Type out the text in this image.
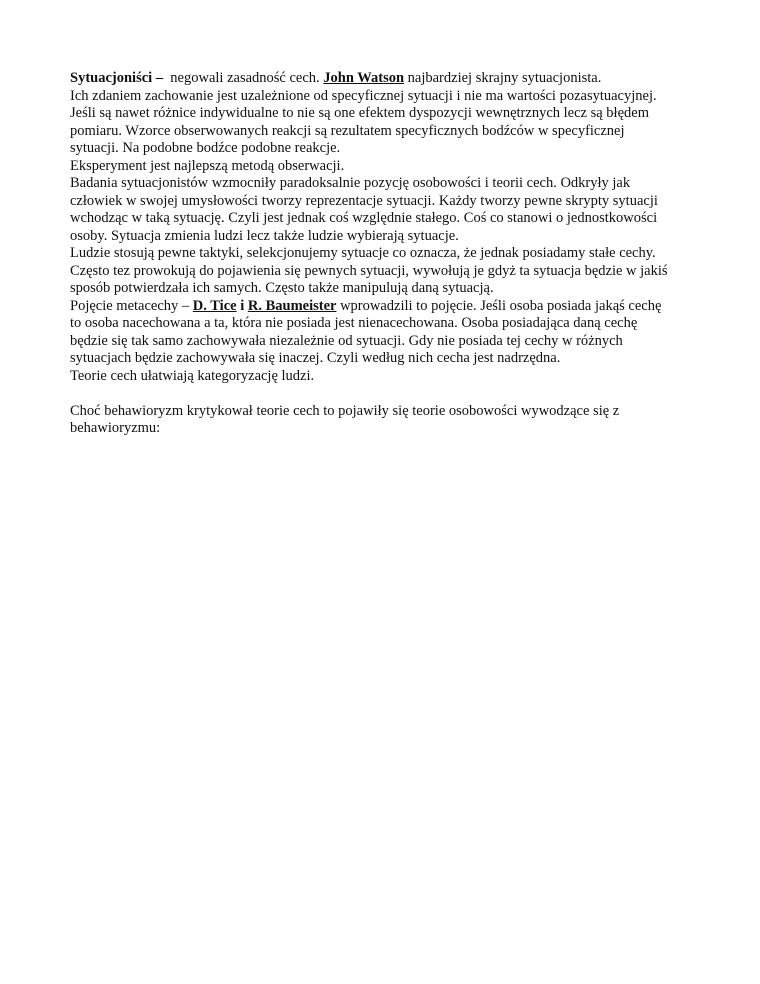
Sytuacjoniści –  negowali zasadność cech. John Watson najbardziej skrajny sytuacjonista.
Ich zdaniem zachowanie jest uzależnione od specyficznej sytuacji i nie ma wartości pozasytuacyjnej.
Jeśli są nawet różnice indywidualne to nie są one efektem dyspozycji wewnętrznych lecz są błędem
pomiaru. Wzorce obserwowanych reakcji są rezultatem specyficznych bodźców w specyficznej
sytuacji. Na podobne bodźce podobne reakcje.
Eksperyment jest najlepszą metodą obserwacji.
Badania sytuacjonistów wzmocniły paradoksalnie pozycję osobowości i teorii cech. Odkryły jak
człowiek w swojej umysłowości tworzy reprezentacje sytuacji. Każdy tworzy pewne skrypty sytuacji
wchodząc w taką sytuację. Czyli jest jednak coś względnie stałego. Coś co stanowi o jednostkowości
osoby. Sytuacja zmienia ludzi lecz także ludzie wybierają sytuacje.
Ludzie stosują pewne taktyki, selekcjonujemy sytuacje co oznacza, że jednak posiadamy stałe cechy.
Często tez prowokują do pojawienia się pewnych sytuacji, wywołują je gdyż ta sytuacja będzie w jakiś
sposób potwierdzała ich samych. Często także manipulują daną sytuacją.
Pojęcie metacechy – D. Tice i R. Baumeister wprowadzili to pojęcie. Jeśli osoba posiada jakąś cechę
to osoba nacechowana a ta, która nie posiada jest nienacechowana. Osoba posiadająca daną cechę
będzie się tak samo zachowywała niezależnie od sytuacji. Gdy nie posiada tej cechy w różnych
sytuacjach będzie zachowywała się inaczej. Czyli według nich cecha jest nadrzędna.
Teorie cech ułatwiają kategoryzację ludzi.
Choć behawioryzm krytykował teorie cech to pojawiły się teorie osobowości wywodzące się z
behawioryzmu:
